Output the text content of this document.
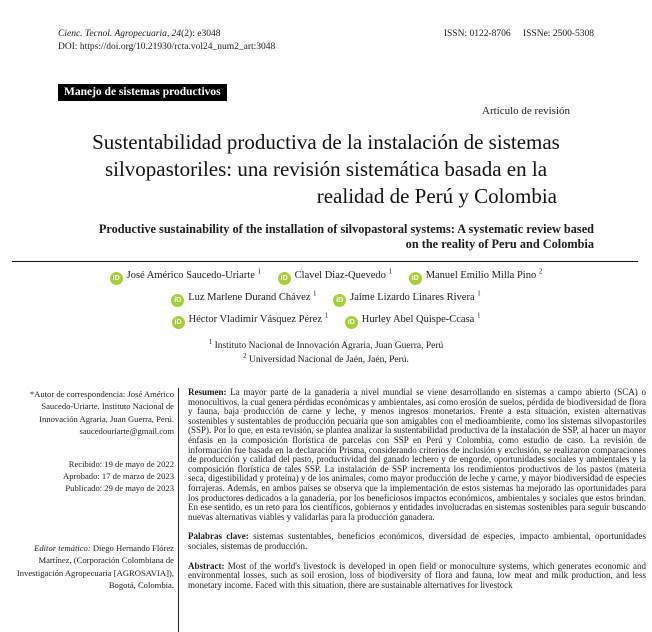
Cienc. Tecnol. Agropecuaria, 24(2): e3048
DOI: https://doi.org/10.21930/rcta.vol24_num2_art:3048
ISSN: 0122-8706 ISSNe: 2500-5308
Manejo de sistemas productivos
Artículo de revisión
Sustentabilidad productiva de la instalación de sistemas
silvopastoriles: una revisión sistemática basada en la
realidad de Perú y Colombia
Productive sustainability of the installation of silvopastoral systems: A systematic review based
on the reality of Peru and Colombia
iD José Américo Saucedo-Uriarte $^1$ iD Clavel Diaz-Quevedo $^1$ iD Manuel Emilio Milla Pino $^2$
iD Luz Marlene Durand Chávez $^1$ iD Jaime Lizardo Linares Rivera $^1$
iD Héctor Vladimir Vásquez Pérez $^1$ iD Hurley Abel Quispe-Ccasa $^1$
$^1$ Instituto Nacional de Innovación Agraria, Juan Guerra, Perú
$^2$ Universidad Nacional de Jaén, Jaén, Perú.
*Autor de correspondencia: José Américo Saucedo-Uriarte. Instituto Nacional de Innovación Agraria, Juan Guerra, Perú. saucedouriarte@gmail.com
Recibido: 19 de mayo de 2022
Aprobado: 17 de marzo de 2023
Publicado: 29 de mayo de 2023
Editor temático: Diego Hernando Flórez Martínez, (Corporación Colombiana de Investigación Agropecuaria [AGROSAVIA]), Bogotá, Colombia.

Resumen: La mayor parte de la ganadería a nivel mundial se viene desarrollando en sistemas a campo abierto (SCA) o monocultivos, la cual genera pérdidas económicas y ambientales, así como erosión de suelos, pérdida de biodiversidad de flora y fauna, baja producción de carne y leche, y menos ingresos monetarios. Frente a esta situación, existen alternativas sostenibles y sustentables de producción pecuaria que son amigables con el medioambiente, como los sistemas silvopastoriles (SSP). Por lo que, en esta revisión, se plantea analizar la sustentabilidad productiva de la instalación de SSP, al hacer un mayor énfasis en la composición florística de parcelas con SSP en Perú y Colombia, como estudio de caso. La revisión de información fue basada en la declaración Prisma, considerando criterios de inclusión y exclusión, se realizaron comparaciones de producción y calidad del pasto, productividad del ganado lechero y de engorde, oportunidades sociales y ambientales y la composición florística de tales SSP. La instalación de SSP incrementa los rendimientos productivos de los pastos (materia seca, digestibilidad y proteína) y de los animales, como mayor producción de leche y carne, y mayor biodiversidad de especies forrajeras. Además, en ambos países se observa que la implementación de estos sistemas ha mejorado las oportunidades para los productores dedicados a la ganadería, por los beneficiosos impactos económicos, ambientales y sociales que estos brindan. En ese sentido, es un reto para los científicos, gobiernos y entidades involucradas en sistemas sostenibles para seguir buscando nuevas alternativas viables y validarlas para la producción ganadera.

Palabras clave: sistemas sustentables, beneficios económicos, diversidad de especies, impacto ambiental, oportunidades sociales, sistemas de producción.

Abstract: Most of the world's livestock is developed in open field or monoculture systems, which generates economic and environmental losses, such as soil erosion, loss of biodiversity of flora and fauna, low meat and milk production, and less monetary income. Faced with this situation, there are sustainable alternatives for livestock
